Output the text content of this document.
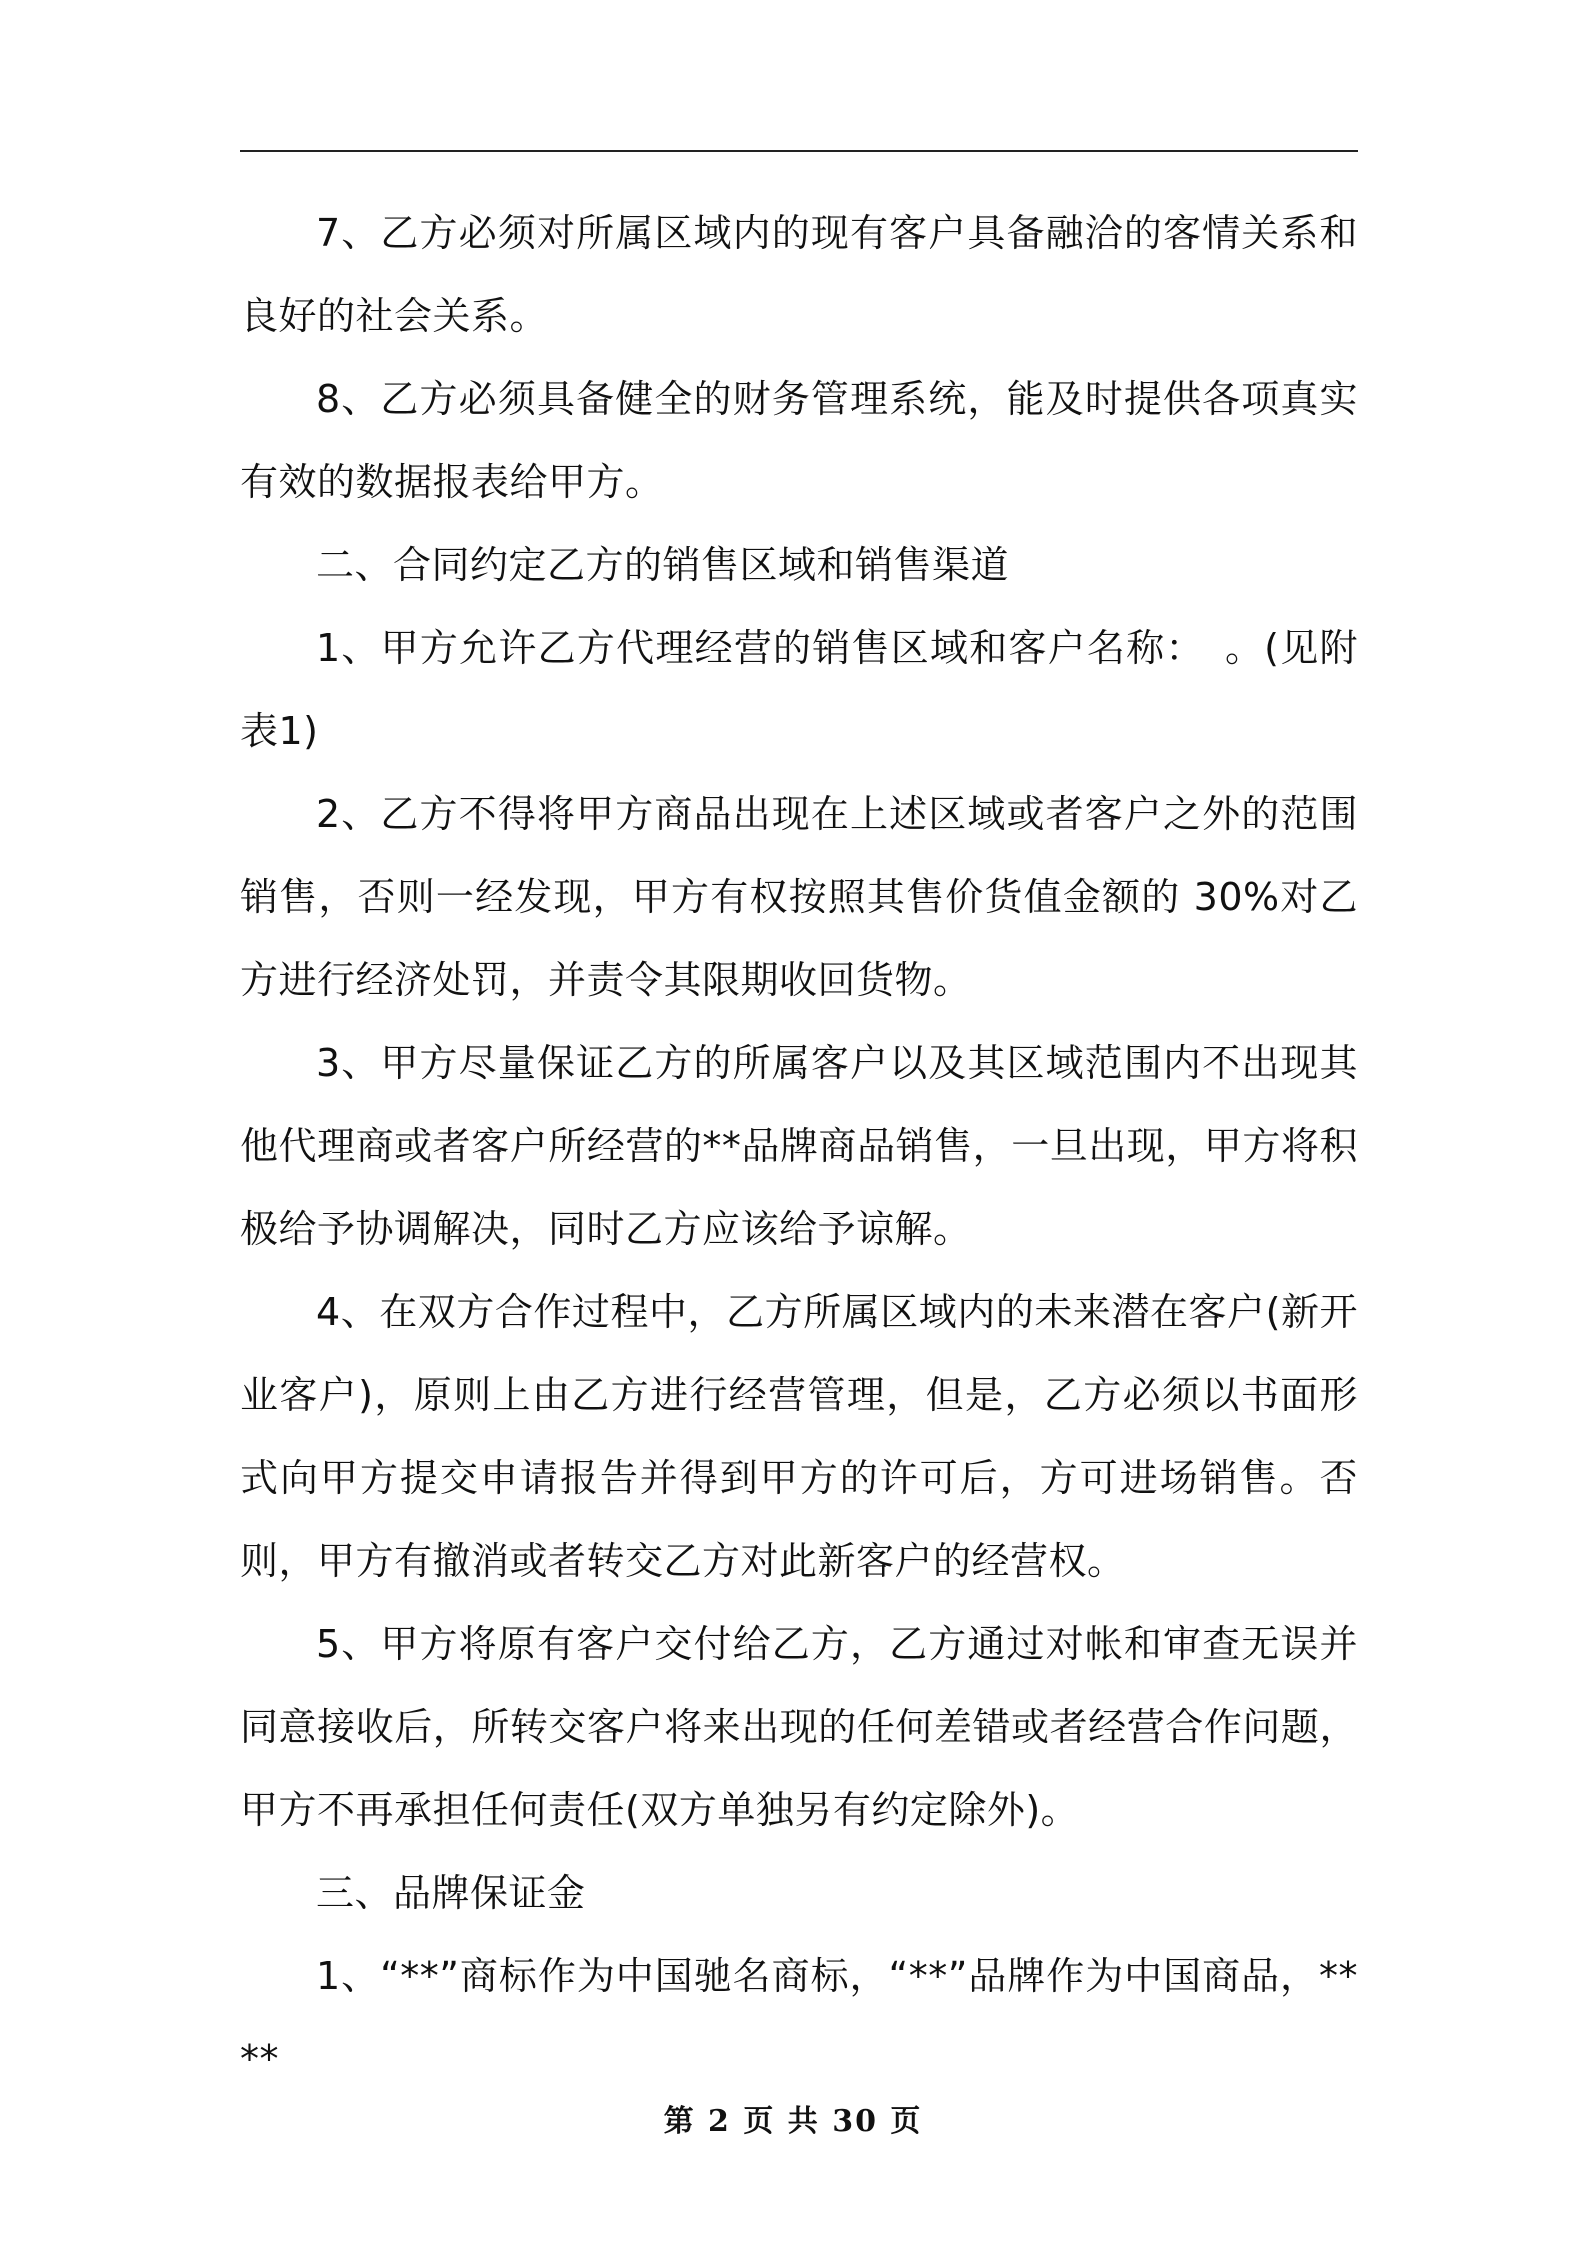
7、乙方必须对所属区域内的现有客户具备融洽的客情关系和良好的社会关系。

8、乙方必须具备健全的财务管理系统，能及时提供各项真实有效的数据报表给甲方。

二、合同约定乙方的销售区域和销售渠道

1、甲方允许乙方代理经营的销售区域和客户名称：　。(见附表1)

2、乙方不得将甲方商品出现在上述区域或者客户之外的范围销售，否则一经发现，甲方有权按照其售价货值金额的 30%对乙方进行经济处罚，并责令其限期收回货物。

3、甲方尽量保证乙方的所属客户以及其区域范围内不出现其他代理商或者客户所经营的**品牌商品销售，一旦出现，甲方将积极给予协调解决，同时乙方应该给予谅解。

4、在双方合作过程中，乙方所属区域内的未来潜在客户(新开业客户)，原则上由乙方进行经营管理，但是，乙方必须以书面形式向甲方提交申请报告并得到甲方的许可后，方可进场销售。否则，甲方有撤消或者转交乙方对此新客户的经营权。

5、甲方将原有客户交付给乙方，乙方通过对帐和审查无误并同意接收后，所转交客户将来出现的任何差错或者经营合作问题，甲方不再承担任何责任(双方单独另有约定除外)。

三、品牌保证金

1、“**”商标作为中国驰名商标，“**”品牌作为中国商品，****

第 2 页 共 30 页
